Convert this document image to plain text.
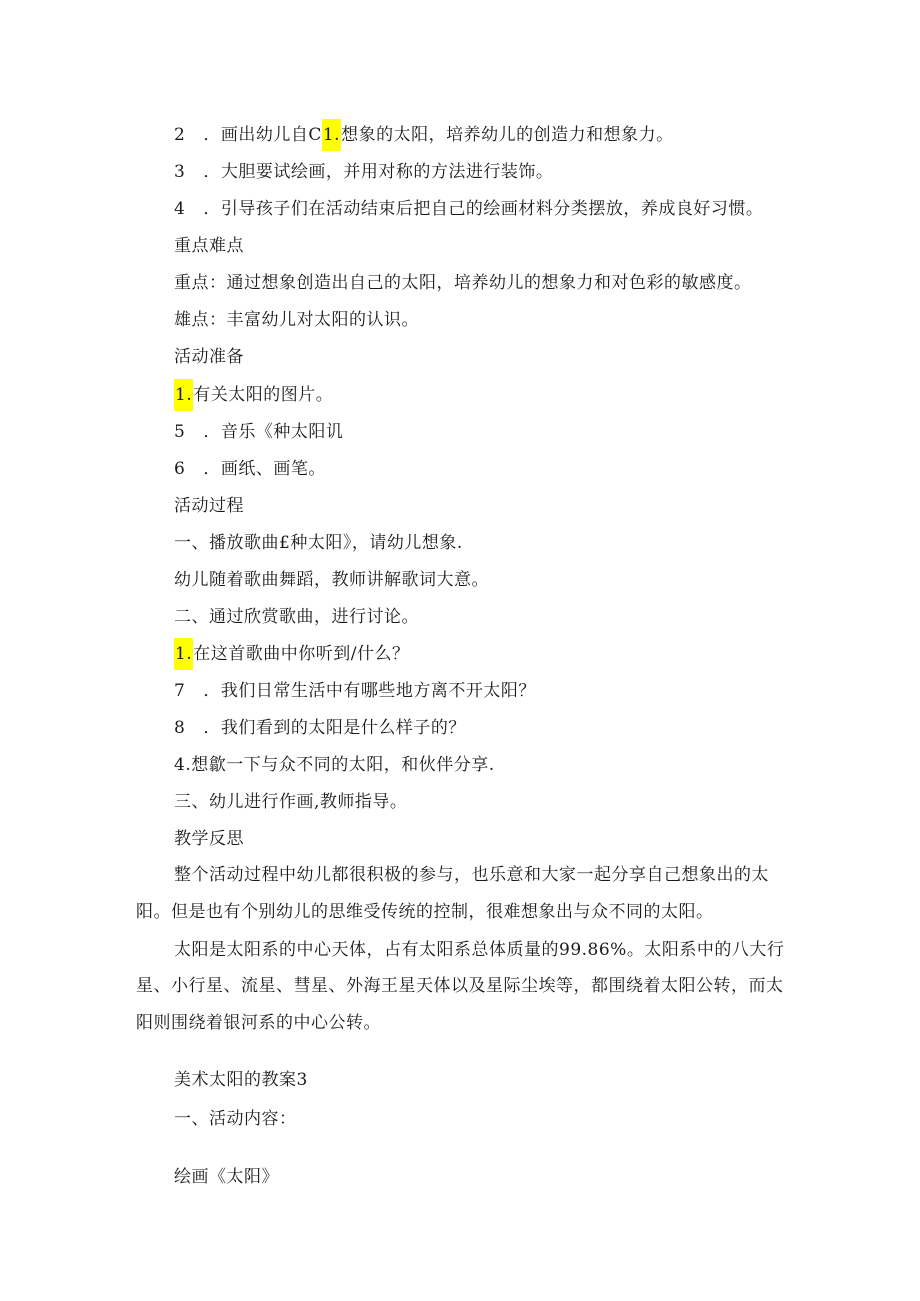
2 ．画出幼儿自C1.想象的太阳，培养幼儿的创造力和想象力。
3 ．大胆要试绘画，并用对称的方法进行装饰。
4 ．引导孩子们在活动结束后把自己的绘画材料分类摆放，养成良好习惯。
重点难点
重点：通过想象创造出自己的太阳，培养幼儿的想象力和对色彩的敏感度。
雄点：丰富幼儿对太阳的认识。
活动准备
1.有关太阳的图片。
5 ．音乐《种太阳讥
6 ．画纸、画笔。
活动过程
一、播放歌曲£种太阳》，请幼儿想象.
幼儿随着歌曲舞蹈，教师讲解歌词大意。
二、通过欣赏歌曲，进行讨论。
1.在这首歌曲中你听到/什么？
7 ．我们日常生活中有哪些地方离不开太阳？
8 ．我们看到的太阳是什么样子的？
4.想歙一下与众不同的太阳，和伙伴分享.
三、幼儿进行作画,教师指导。
教学反思
整个活动过程中幼儿都很积极的参与，也乐意和大家一起分享自己想象出的太
阳。但是也有个别幼儿的思维受传统的控制，很难想象出与众不同的太阳。
太阳是太阳系的中心天体，占有太阳系总体质量的99.86%。太阳系中的八大行
星、小行星、流星、彗星、外海王星天体以及星际尘埃等，都围绕着太阳公转，而太
阳则围绕着银河系的中心公转。
美术太阳的教案3
一、活动内容：
绘画《太阳》
